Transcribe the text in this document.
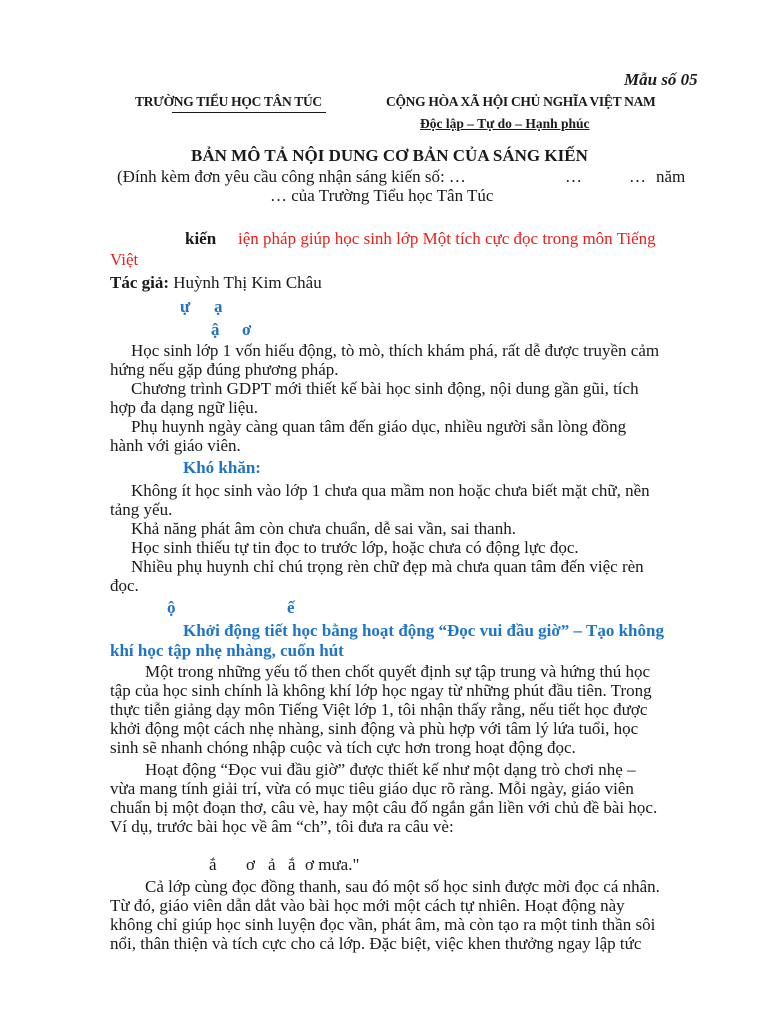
Mẫu số 05
TRƯỜNG TIỂU HỌC TÂN TÚC	CỘNG HÒA XÃ HỘI CHỦ NGHĨA VIỆT NAM
Độc lập – Tự do – Hạnh phúc
BẢN MÔ TẢ NỘI DUNG CƠ BẢN CỦA SÁNG KIẾN
(Đính kèm đơn yêu cầu công nhận sáng kiến số: …	…	… năm
… của Trường Tiểu học Tân Túc
kiến iện pháp giúp học sinh lớp Một tích cực đọc trong môn Tiếng
Việt
Tác giả: Huỳnh Thị Kim Châu
ự ạ
ậ ơ
Học sinh lớp 1 vốn hiếu động, tò mò, thích khám phá, rất dễ được truyền cảm
hứng nếu gặp đúng phương pháp.
Chương trình GDPT mới thiết kế bài học sinh động, nội dung gần gũi, tích
hợp đa dạng ngữ liệu.
Phụ huynh ngày càng quan tâm đến giáo dục, nhiều người sẵn lòng đồng
hành với giáo viên.
Khó khăn:
Không ít học sinh vào lớp 1 chưa qua mầm non hoặc chưa biết mặt chữ, nền
tảng yếu.
Khả năng phát âm còn chưa chuẩn, dễ sai vần, sai thanh.
Học sinh thiếu tự tin đọc to trước lớp, hoặc chưa có động lực đọc.
Nhiều phụ huynh chỉ chú trọng rèn chữ đẹp mà chưa quan tâm đến việc rèn
đọc.
ộ	ế
Khởi động tiết học bằng hoạt động “Đọc vui đầu giờ” – Tạo không
khí học tập nhẹ nhàng, cuốn hút
Một trong những yếu tố then chốt quyết định sự tập trung và hứng thú học
tập của học sinh chính là không khí lớp học ngay từ những phút đầu tiên. Trong
thực tiễn giảng dạy môn Tiếng Việt lớp 1, tôi nhận thấy rằng, nếu tiết học được
khởi động một cách nhẹ nhàng, sinh động và phù hợp với tâm lý lứa tuổi, học
sinh sẽ nhanh chóng nhập cuộc và tích cực hơn trong hoạt động đọc.
Hoạt động “Đọc vui đầu giờ” được thiết kế như một dạng trò chơi nhẹ –
vừa mang tính giải trí, vừa có mục tiêu giáo dục rõ ràng. Mỗi ngày, giáo viên
chuẩn bị một đoạn thơ, câu vè, hay một câu đố ngắn gắn liền với chủ đề bài học.
Ví dụ, trước bài học về âm “ch”, tôi đưa ra câu vè:
ắ ơ ả ắ ơ mưa."
Cả lớp cùng đọc đồng thanh, sau đó một số học sinh được mời đọc cá nhân.
Từ đó, giáo viên dẫn dắt vào bài học mới một cách tự nhiên. Hoạt động này
không chỉ giúp học sinh luyện đọc vần, phát âm, mà còn tạo ra một tinh thần sôi
nổi, thân thiện và tích cực cho cả lớp. Đặc biệt, việc khen thưởng ngay lập tức
